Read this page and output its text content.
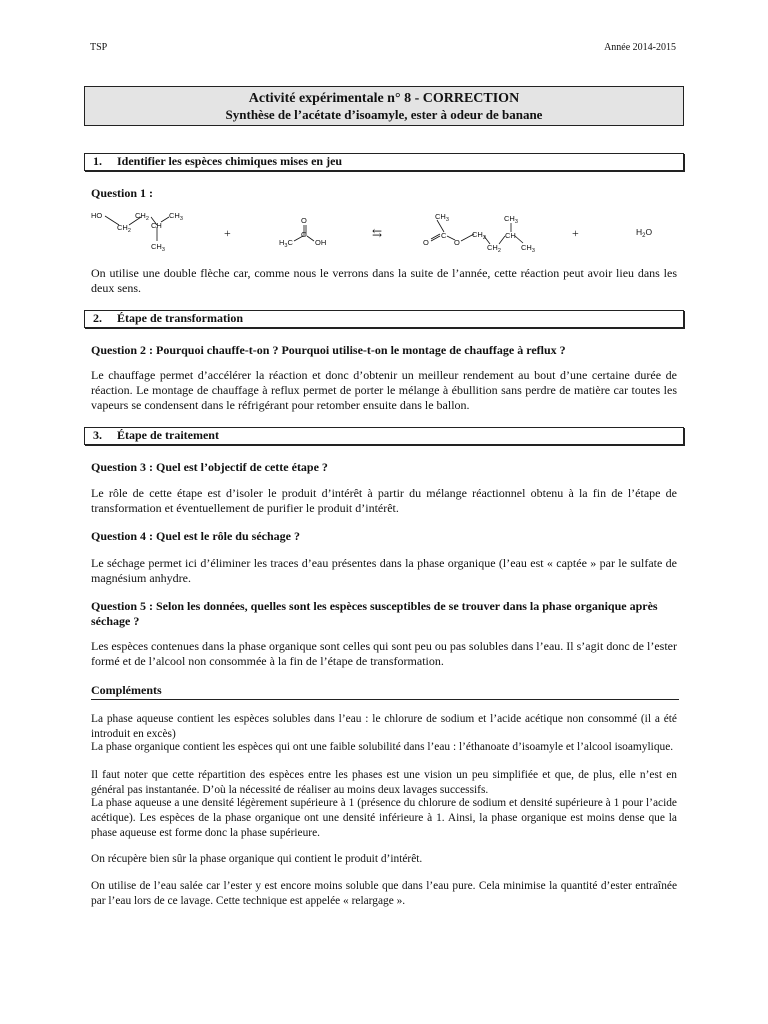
TSP	Année 2014-2015
Activité expérimentale n° 8 - CORRECTION
Synthèse de l’acétate d’isoamyle, ester à odeur de banane
1. Identifier les espèces chimiques mises en jeu
Question 1 :
HO
$CH_2$
$CH_2$
CH
$CH_3$
$CH_3$
+
O
$H_3C$
C
OH
⇆
$CH_3$
C
O	O
$CH_2$
$CH_2$
CH
$CH_3$
$CH_3$
+	$H_2O$
On utilise une double flèche car, comme nous le verrons dans la suite de l’année, cette réaction peut avoir lieu dans les deux sens.
2. Étape de transformation
Question 2 : Pourquoi chauffe-t-on ? Pourquoi utilise-t-on le montage de chauffage à reflux ?
Le chauffage permet d’accélérer la réaction et donc d’obtenir un meilleur rendement au bout d’une certaine durée de réaction. Le montage de chauffage à reflux permet de porter le mélange à ébullition sans perdre de matière car toutes les vapeurs se condensent dans le réfrigérant pour retomber ensuite dans le ballon.
3. Étape de traitement
Question 3 : Quel est l’objectif de cette étape ?
Le rôle de cette étape est d’isoler le produit d’intérêt à partir du mélange réactionnel obtenu à la fin de l’étape de transformation et éventuellement de purifier le produit d’intérêt.
Question 4 : Quel est le rôle du séchage ?
Le séchage permet ici d’éliminer les traces d’eau présentes dans la phase organique (l’eau est « captée » par le sulfate de magnésium anhydre.
Question 5 : Selon les données, quelles sont les espèces susceptibles de se trouver dans la phase organique après séchage ?
Les espèces contenues dans la phase organique sont celles qui sont peu ou pas solubles dans l’eau. Il s’agit donc de l’ester formé et de l’alcool non consommée à la fin de l’étape de transformation.
Compléments
La phase aqueuse contient les espèces solubles dans l’eau : le chlorure de sodium et l’acide acétique non consommé (il a été introduit en excès)
La phase organique contient les espèces qui ont une faible solubilité dans l’eau : l’éthanoate d’isoamyle et l’alcool isoamylique.
Il faut noter que cette répartition des espèces entre les phases est une vision un peu simplifiée et que, de plus, elle n’est en général pas instantanée. D’où la nécessité de réaliser au moins deux lavages successifs.
La phase aqueuse a une densité légèrement supérieure à 1 (présence du chlorure de sodium et densité supérieure à 1 pour l’acide acétique). Les espèces de la phase organique ont une densité inférieure à 1. Ainsi, la phase organique est moins dense que la phase aqueuse est forme donc la phase supérieure.
On récupère bien sûr la phase organique qui contient le produit d’intérêt.
On utilise de l’eau salée car l’ester y est encore moins soluble que dans l’eau pure. Cela minimise la quantité d’ester entraînée par l’eau lors de ce lavage. Cette technique est appelée « relargage ».
